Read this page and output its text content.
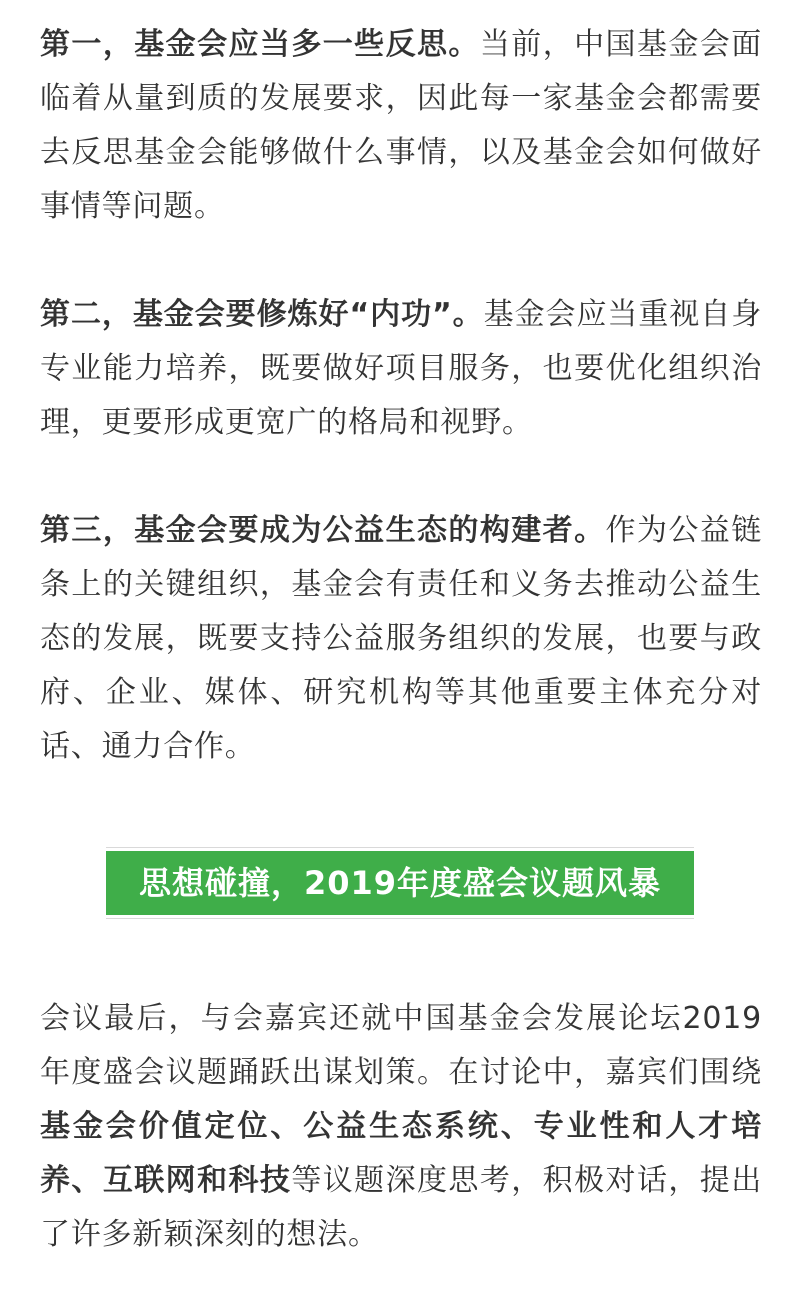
第一，基金会应当多一些反思。当前，中国基金会面临着从量到质的发展要求，因此每一家基金会都需要去反思基金会能够做什么事情，以及基金会如何做好事情等问题。

第二，基金会要修炼好“内功”。基金会应当重视自身专业能力培养，既要做好项目服务，也要优化组织治理，更要形成更宽广的格局和视野。

第三，基金会要成为公益生态的构建者。作为公益链条上的关键组织，基金会有责任和义务去推动公益生态的发展，既要支持公益服务组织的发展，也要与政府、企业、媒体、研究机构等其他重要主体充分对话、通力合作。

思想碰撞，2019年度盛会议题风暴

会议最后，与会嘉宾还就中国基金会发展论坛2019年度盛会议题踊跃出谋划策。在讨论中，嘉宾们围绕基金会价值定位、公益生态系统、专业性和人才培养、互联网和科技等议题深度思考，积极对话，提出了许多新颖深刻的想法。
